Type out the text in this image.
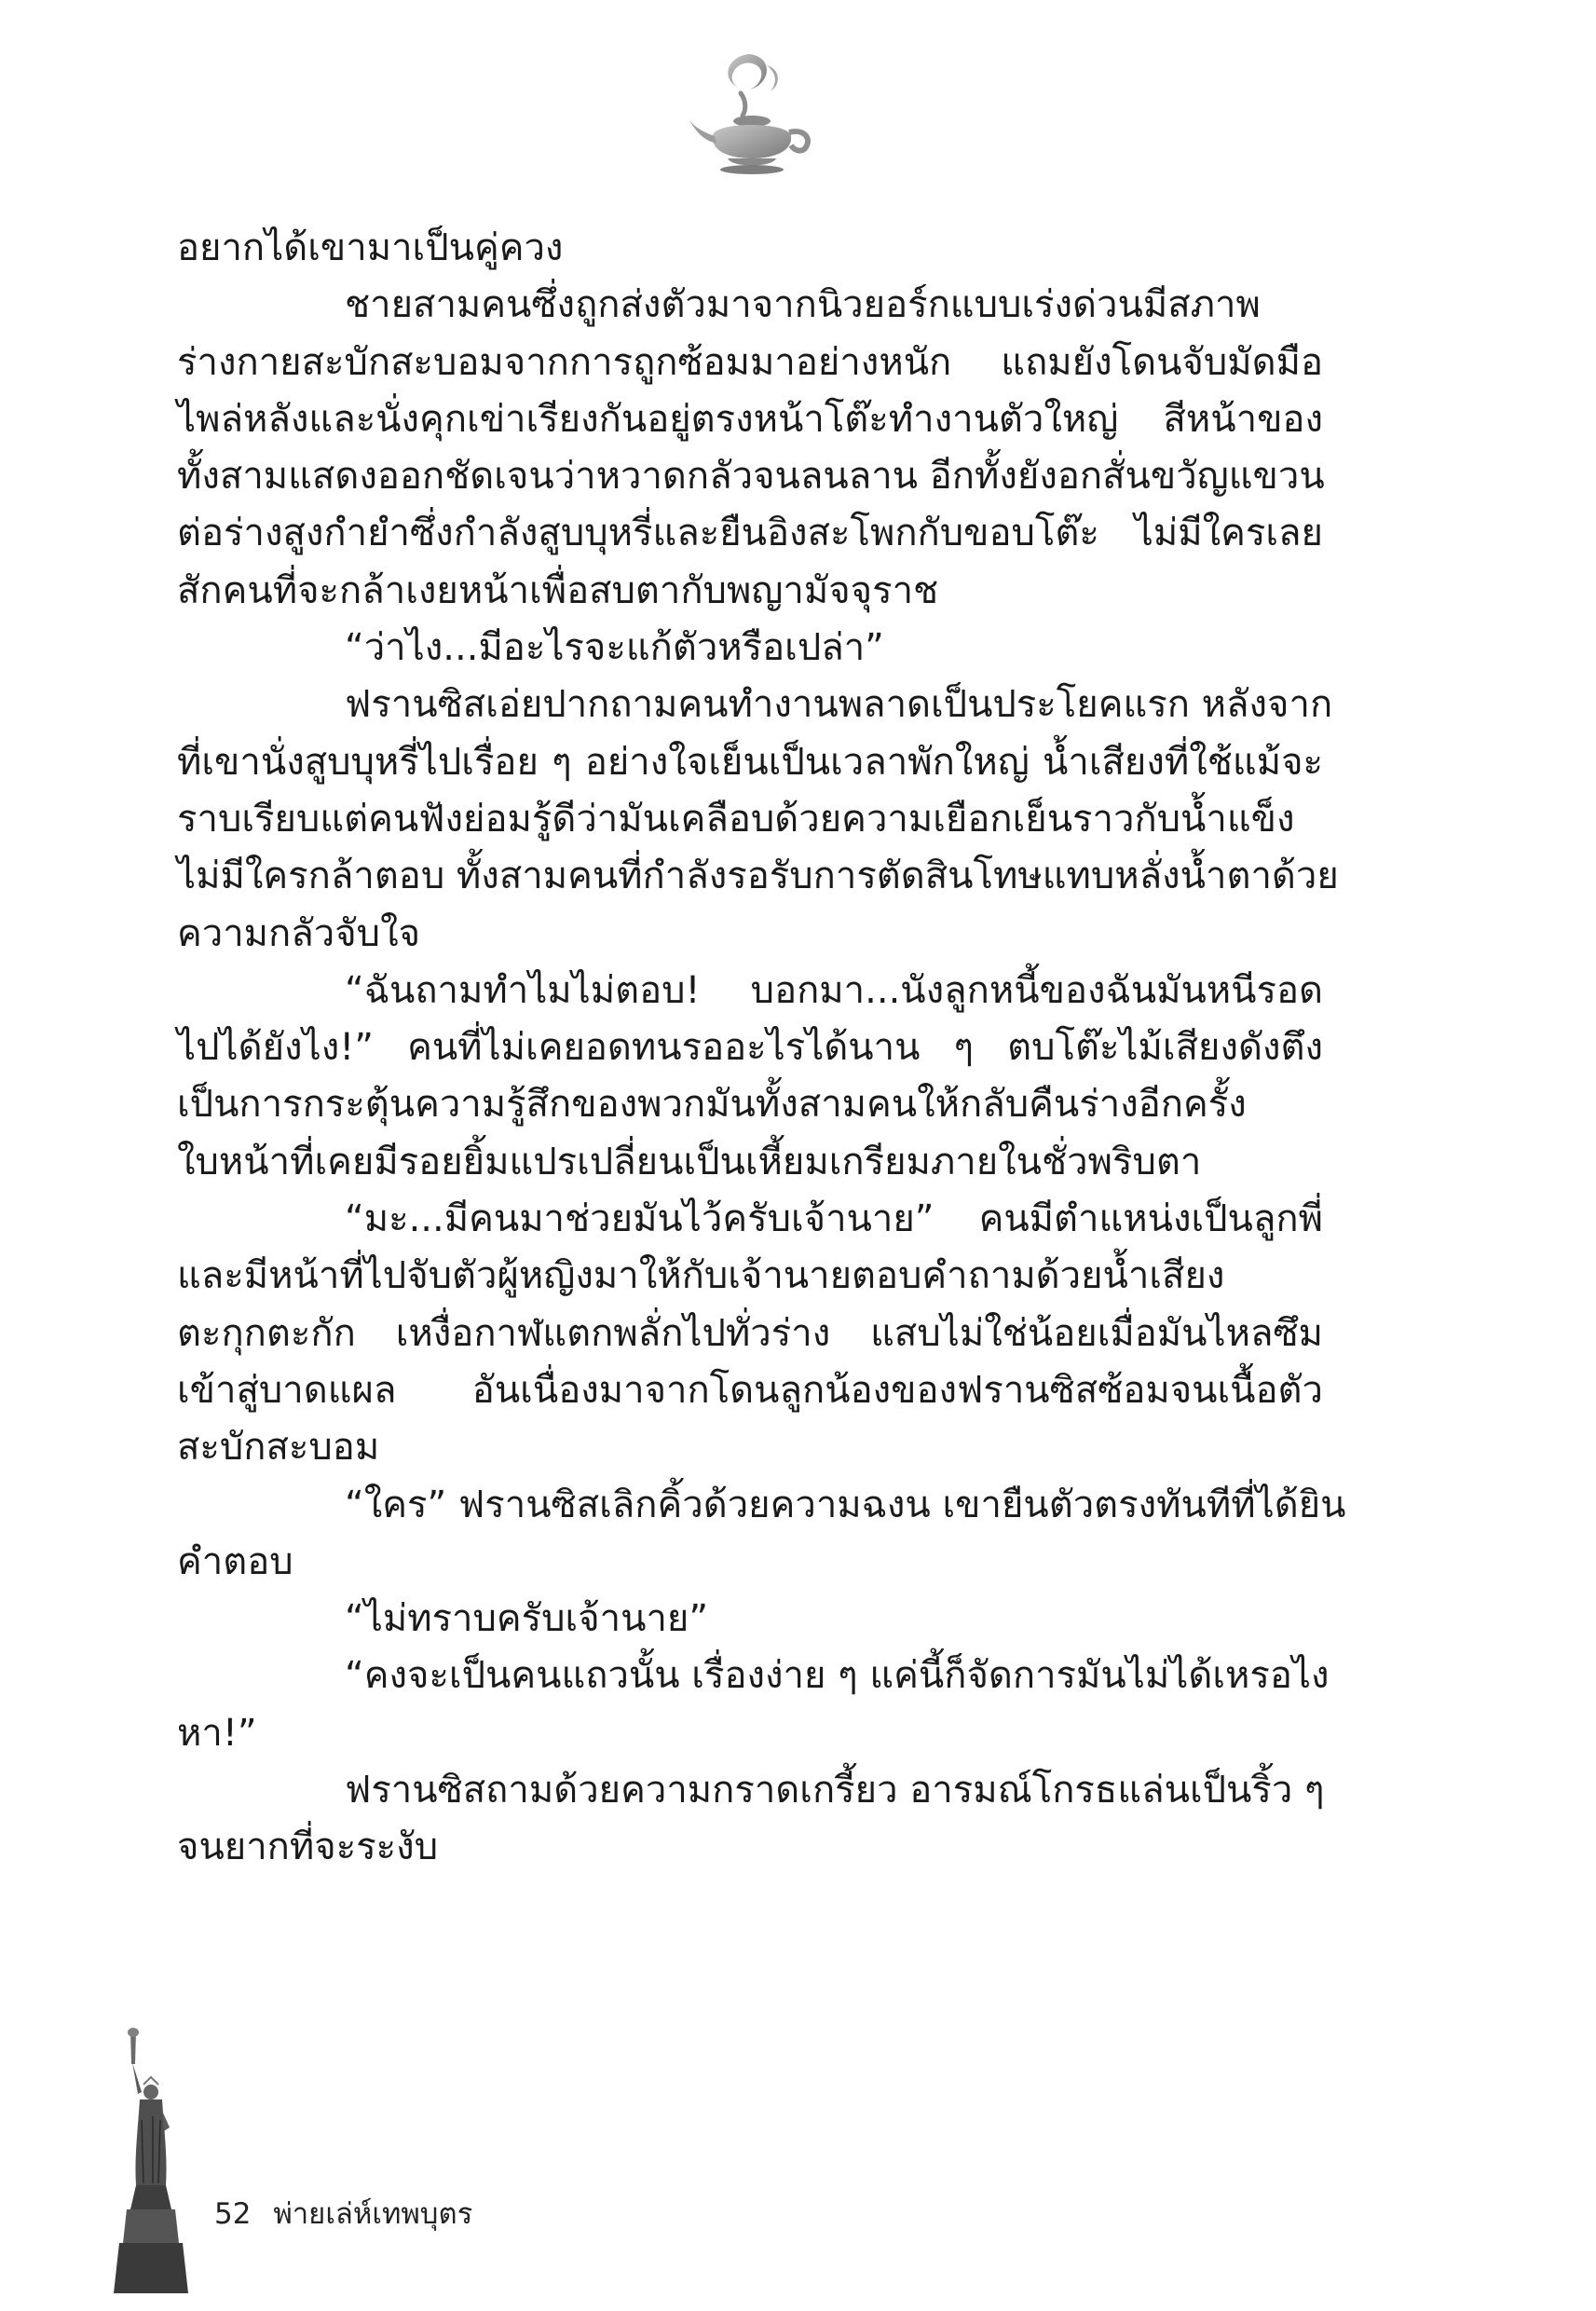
อยากได้เขามาเป็นคู่ควง
ชายสามคนซึ่งถูกส่งตัวมาจากนิวยอร์กแบบเร่งด่วนมีสภาพ
ร่างกายสะบักสะบอมจากการถูกซ้อมมาอย่างหนัก แถมยังโดนจับมัดมือ
ไพล่หลังและนั่งคุกเข่าเรียงกันอยู่ตรงหน้าโต๊ะทำงานตัวใหญ่ สีหน้าของ
ทั้งสามแสดงออกชัดเจนว่าหวาดกลัวจนลนลาน อีกทั้งยังอกสั่นขวัญแขวน
ต่อร่างสูงกำยำซึ่งกำลังสูบบุหรี่และยืนอิงสะโพกกับขอบโต๊ะ ไม่มีใครเลย
สักคนที่จะกล้าเงยหน้าเพื่อสบตากับพญามัจจุราช
“ว่าไง...มีอะไรจะแก้ตัวหรือเปล่า”
ฟรานซิสเอ่ยปากถามคนทำงานพลาดเป็นประโยคแรก หลังจาก
ที่เขานั่งสูบบุหรี่ไปเรื่อย ๆ อย่างใจเย็นเป็นเวลาพักใหญ่ น้ำเสียงที่ใช้แม้จะ
ราบเรียบแต่คนฟังย่อมรู้ดีว่ามันเคลือบด้วยความเยือกเย็นราวกับน้ำแข็ง
ไม่มีใครกล้าตอบ ทั้งสามคนที่กำลังรอรับการตัดสินโทษแทบหลั่งน้ำตาด้วย
ความกลัวจับใจ
“ฉันถามทำไมไม่ตอบ! บอกมา...นังลูกหนี้ของฉันมันหนีรอด
ไปได้ยังไง!” คนที่ไม่เคยอดทนรออะไรได้นาน ๆ ตบโต๊ะไม้เสียงดังตึง
เป็นการกระตุ้นความรู้สึกของพวกมันทั้งสามคนให้กลับคืนร่างอีกครั้ง
ใบหน้าที่เคยมีรอยยิ้มแปรเปลี่ยนเป็นเหี้ยมเกรียมภายในชั่วพริบตา
“มะ...มีคนมาช่วยมันไว้ครับเจ้านาย” คนมีตำแหน่งเป็นลูกพี่
และมีหน้าที่ไปจับตัวผู้หญิงมาให้กับเจ้านายตอบคำถามด้วยน้ำเสียง
ตะกุกตะกัก เหงื่อกาฬแตกพลั่กไปทั่วร่าง แสบไม่ใช่น้อยเมื่อมันไหลซึม
เข้าสู่บาดแผล อันเนื่องมาจากโดนลูกน้องของฟรานซิสซ้อมจนเนื้อตัว
สะบักสะบอม
“ใคร” ฟรานซิสเลิกคิ้วด้วยความฉงน เขายืนตัวตรงทันทีที่ได้ยิน
คำตอบ
“ไม่ทราบครับเจ้านาย”
“คงจะเป็นคนแถวนั้น เรื่องง่าย ๆ แค่นี้ก็จัดการมันไม่ได้เหรอไง
หา!”
ฟรานซิสถามด้วยความกราดเกรี้ยว อารมณ์โกรธแล่นเป็นริ้ว ๆ
จนยากที่จะระงับ
52 พ่ายเล่ห์เทพบุตร
